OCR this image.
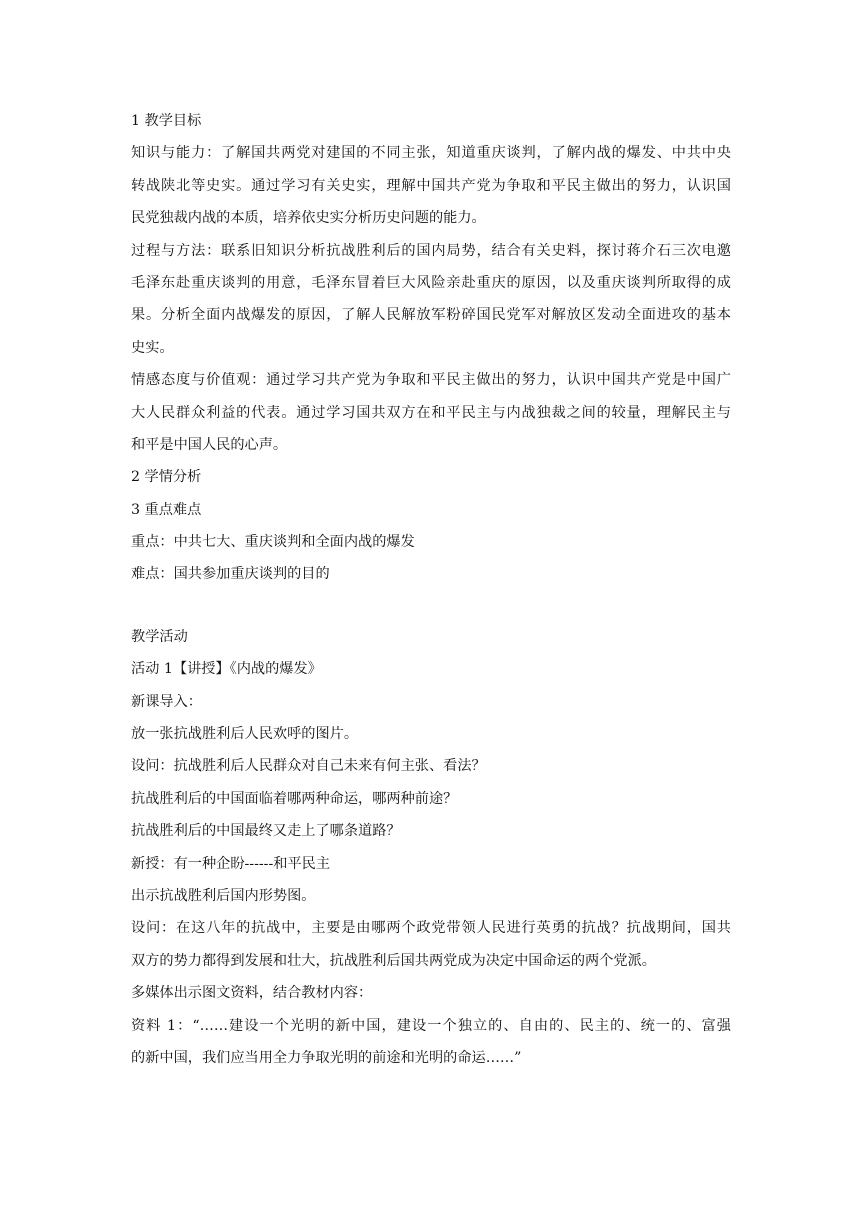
1 教学目标
知识与能力：了解国共两党对建国的不同主张，知道重庆谈判，了解内战的爆发、中共中央
转战陕北等史实。通过学习有关史实，理解中国共产党为争取和平民主做出的努力，认识国
民党独裁内战的本质，培养依史实分析历史问题的能力。
过程与方法：联系旧知识分析抗战胜利后的国内局势，结合有关史料，探讨蒋介石三次电邀
毛泽东赴重庆谈判的用意，毛泽东冒着巨大风险亲赴重庆的原因，以及重庆谈判所取得的成
果。分析全面内战爆发的原因，了解人民解放军粉碎国民党军对解放区发动全面进攻的基本
史实。
情感态度与价值观：通过学习共产党为争取和平民主做出的努力，认识中国共产党是中国广
大人民群众利益的代表。通过学习国共双方在和平民主与内战独裁之间的较量，理解民主与
和平是中国人民的心声。
2 学情分析
3 重点难点
重点：中共七大、重庆谈判和全面内战的爆发
难点：国共参加重庆谈判的目的
教学活动
活动 1【讲授】《内战的爆发》
新课导入：
放一张抗战胜利后人民欢呼的图片。
设问：抗战胜利后人民群众对自己未来有何主张、看法？
抗战胜利后的中国面临着哪两种命运，哪两种前途？
抗战胜利后的中国最终又走上了哪条道路？
新授：有一种企盼------和平民主
出示抗战胜利后国内形势图。
设问：在这八年的抗战中，主要是由哪两个政党带领人民进行英勇的抗战？抗战期间，国共
双方的势力都得到发展和壮大，抗战胜利后国共两党成为决定中国命运的两个党派。
多媒体出示图文资料，结合教材内容：
资料 1：“……建设一个光明的新中国，建设一个独立的、自由的、民主的、统一的、富强
的新中国，我们应当用全力争取光明的前途和光明的命运……”
